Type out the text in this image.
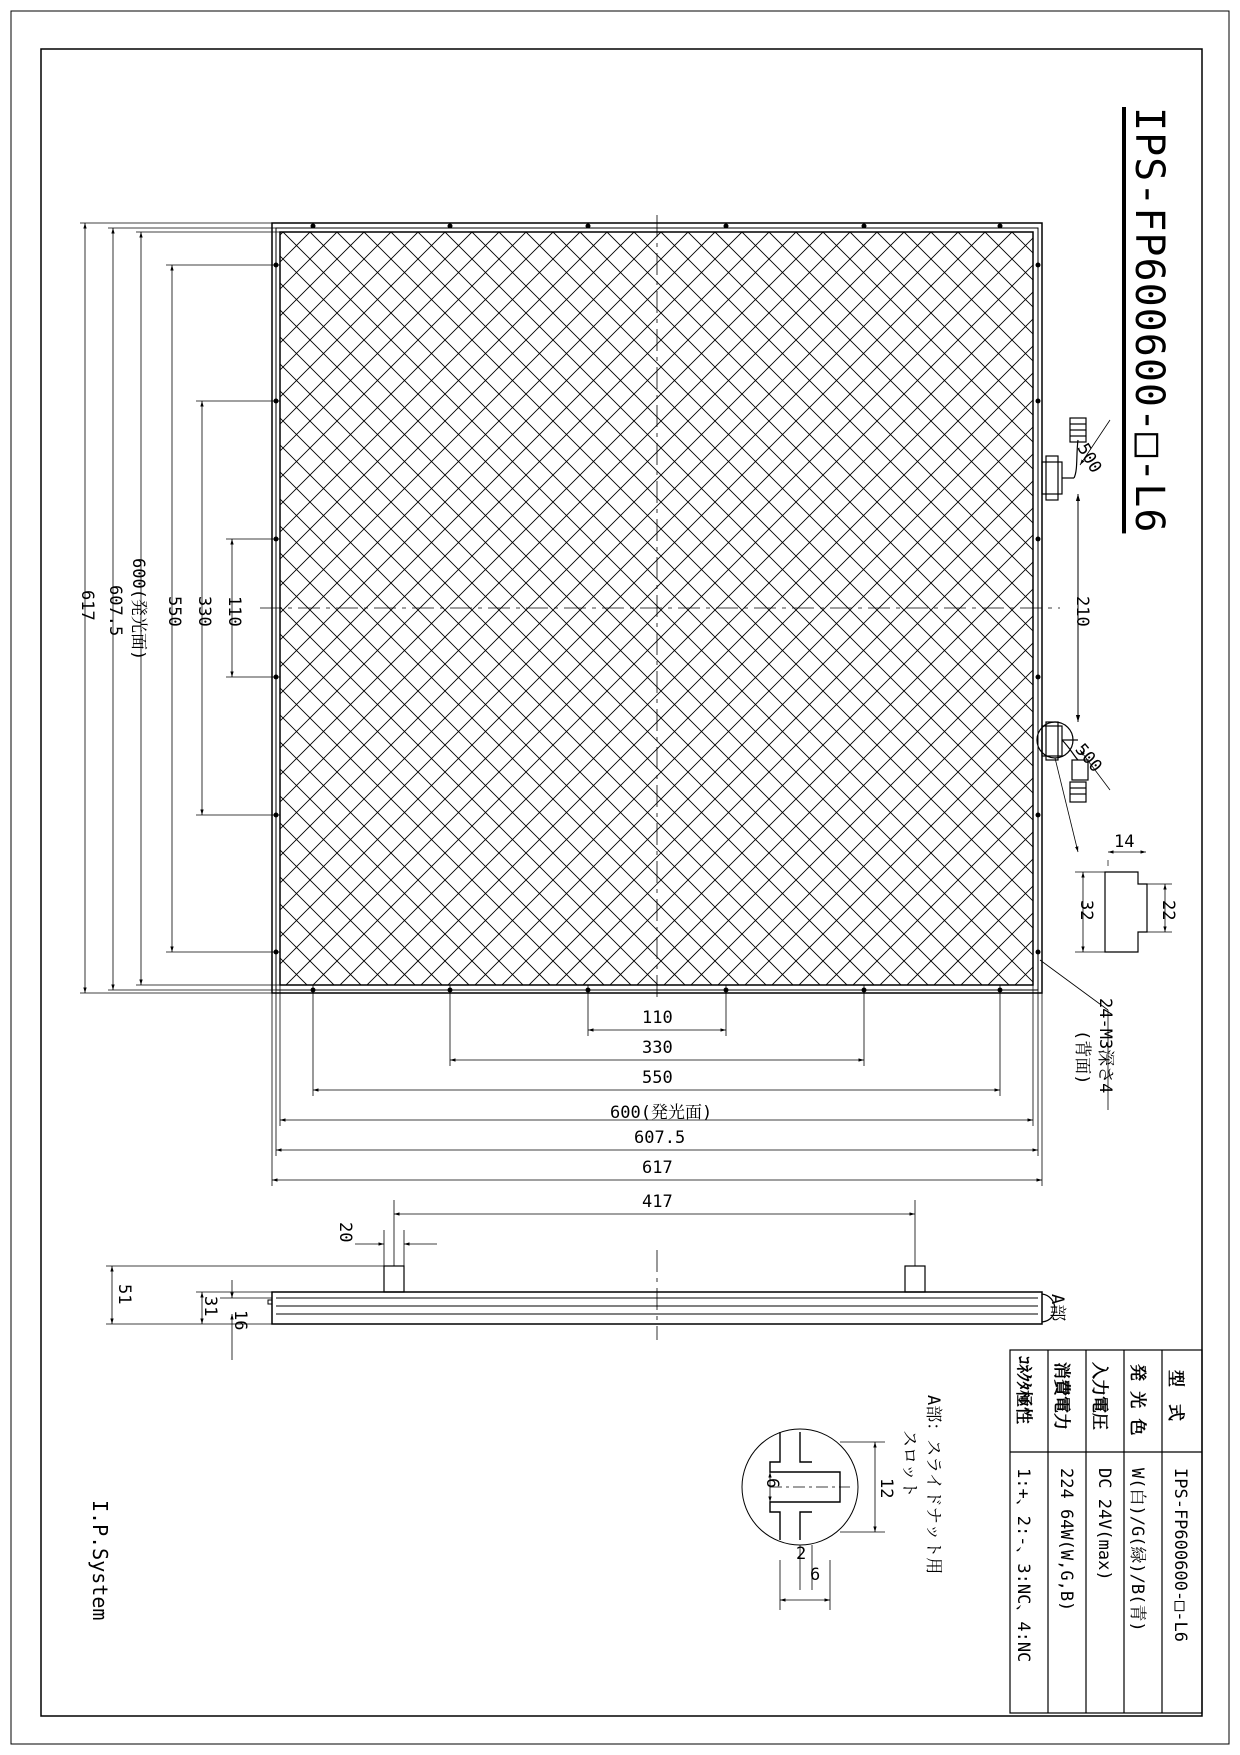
IPS-FP600600-□-L6
617 607.5 600(発光面) 550 330 110	210
500
500
14
32	22
24-M3深さ4
(背面)
110
330
550
600(発光面)
607.5
617
417
20
51
31
16	A部
A部：スライドナット用
スロット
12
6
2
6
型　式
IPS-FP600600-□-L6
発 光 色
W(白)/G(緑)/B(青)
入力電圧
DC 24V(max)
消費電力
224 64W(W,G,B)
ｺﾈｸﾀ極性
1:+、2:-、3:NC、4:NC
I.P.System
